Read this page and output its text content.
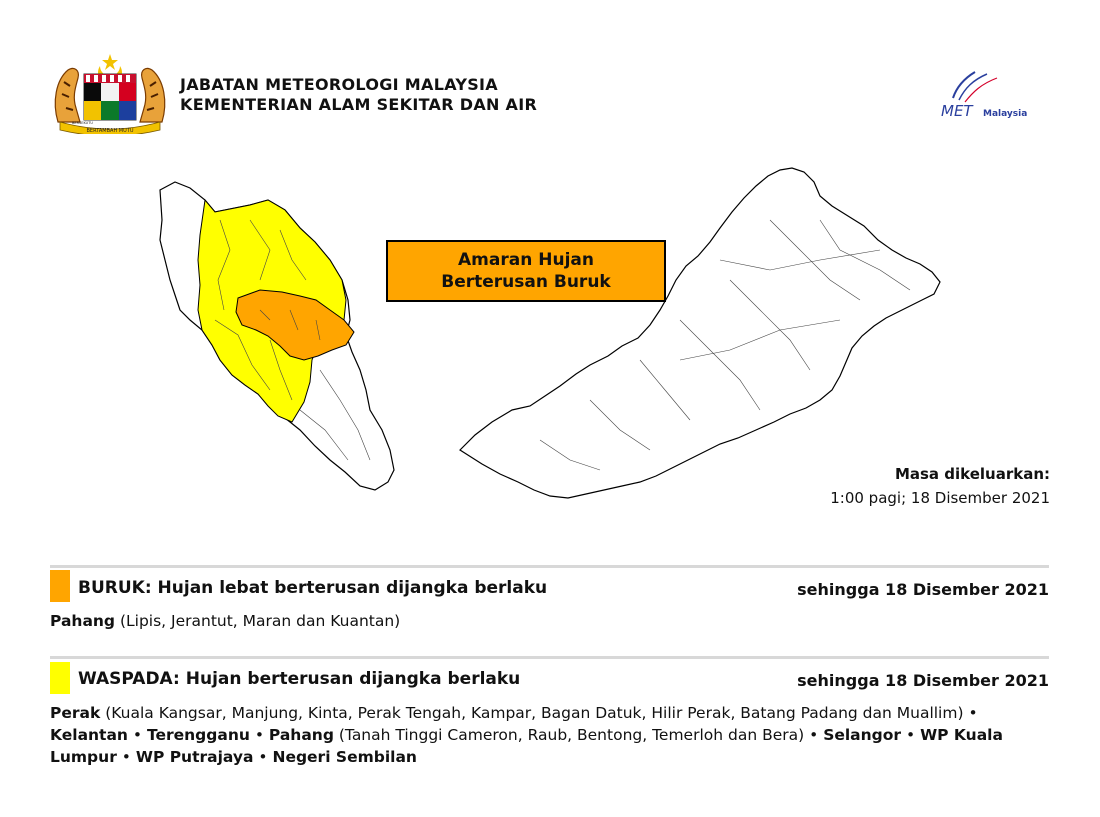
BERTAMBAH MUTU
BERSEKUTU
JABATAN METEOROLOGI MALAYSIA
KEMENTERIAN ALAM SEKITAR DAN AIR	MET Malaysia
Amaran Hujan
Berterusan Buruk
Masa dikeluarkan:
1:00 pagi; 18 Disember 2021
BURUK: Hujan lebat berterusan dijangka berlaku	sehingga 18 Disember 2021
Pahang (Lipis, Jerantut, Maran dan Kuantan)
WASPADA: Hujan berterusan dijangka berlaku	sehingga 18 Disember 2021
Perak (Kuala Kangsar, Manjung, Kinta, Perak Tengah, Kampar, Bagan Datuk, Hilir Perak, Batang Padang dan Muallim) • Kelantan • Terengganu • Pahang (Tanah Tinggi Cameron, Raub, Bentong, Temerloh dan Bera) • Selangor • WP Kuala Lumpur • WP Putrajaya • Negeri Sembilan
